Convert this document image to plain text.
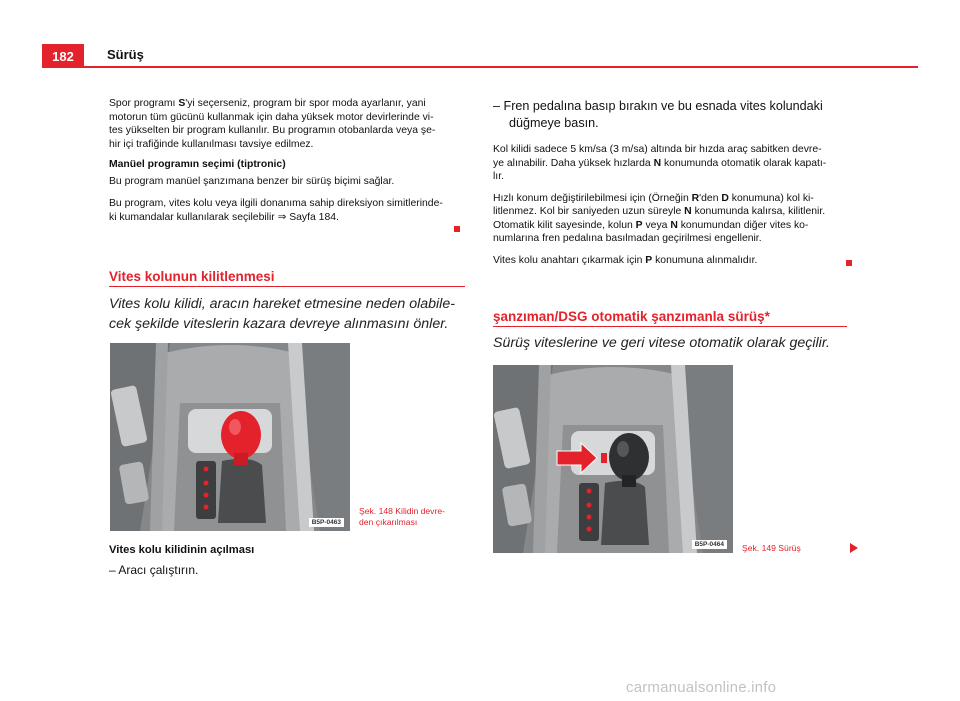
182	Sürüş

Spor programı S'yi seçerseniz, program bir spor moda ayarlanır, yani
motorun tüm gücünü kullanmak için daha yüksek motor devirlerinde vi-
tes yükselten bir program kullanılır. Bu programın otobanlarda veya şe-
hir içi trafiğinde kullanılması tavsiye edilmez.

Manüel programın seçimi (tiptronic)

Bu program manüel şanzımana benzer bir sürüş biçimi sağlar.

Bu program, vites kolu veya ilgili donanıma sahip direksiyon simitlerinde-
ki kumandalar kullanılarak seçilebilir ⇒ Sayfa 184.

Vites kolunun kilitlenmesi
Vites kolu kilidi, aracın hareket etmesine neden olabile-
cek şekilde viteslerin kazara devreye alınmasını önler.
B5P-0463
Şek. 148 Kilidin devre-
den çıkarılması
Vites kolu kilidinin açılması
– Aracı çalıştırın.
– Fren pedalına basıp bırakın ve bu esnada vites kolundaki
düğmeye basın.

Kol kilidi sadece 5 km/sa (3 m/sa) altında bir hızda araç sabitken devre-
ye alınabilir. Daha yüksek hızlarda N konumunda otomatik olarak kapatı-
lır.

Hızlı konum değiştirilebilmesi için (Örneğin R'den D konumuna) kol ki-
litlenmez. Kol bir saniyeden uzun süreyle N konumunda kalırsa, kilitlenir.
Otomatik kilit sayesinde, kolun P veya N konumundan diğer vites ko-
numlarına fren pedalına basılmadan geçirilmesi engellenir.

Vites kolu anahtarı çıkarmak için P konumuna alınmalıdır.

şanzıman/DSG otomatik şanzımanla sürüş*
Sürüş viteslerine ve geri vitese otomatik olarak geçilir.
B5P-0464	Şek. 149 Sürüş
carmanualsonline.info
